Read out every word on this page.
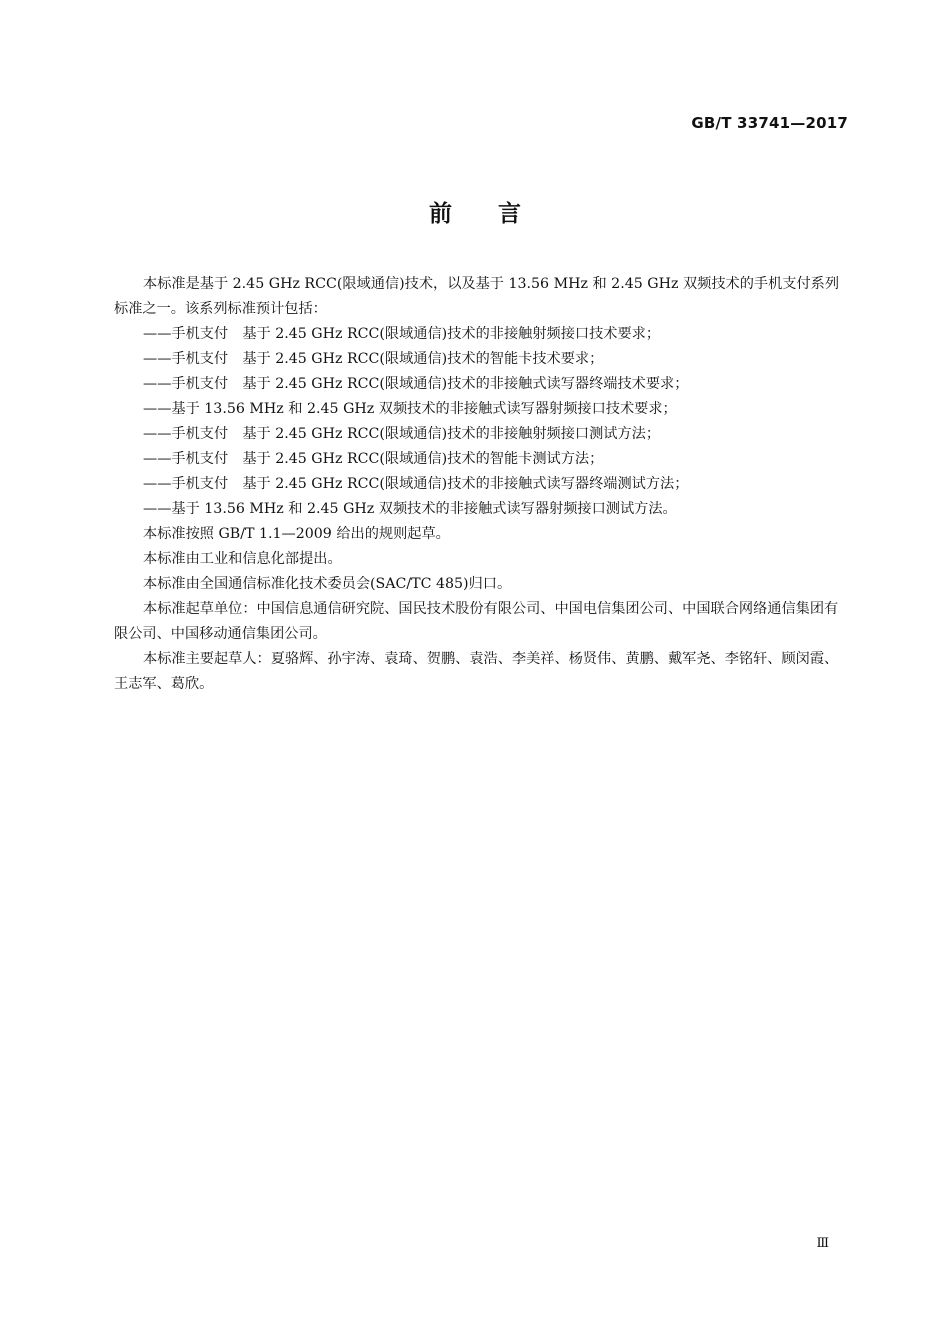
GB/T 33741—2017
前言

本标准是基于 2.45 GHz RCC(限域通信)技术，以及基于 13.56 MHz 和 2.45 GHz 双频技术的手机支付系列标准之一。该系列标准预计包括：

——手机支付　基于 2.45 GHz RCC(限域通信)技术的非接触射频接口技术要求；

——手机支付　基于 2.45 GHz RCC(限域通信)技术的智能卡技术要求；

——手机支付　基于 2.45 GHz RCC(限域通信)技术的非接触式读写器终端技术要求；

——基于 13.56 MHz 和 2.45 GHz 双频技术的非接触式读写器射频接口技术要求；

——手机支付　基于 2.45 GHz RCC(限域通信)技术的非接触射频接口测试方法；

——手机支付　基于 2.45 GHz RCC(限域通信)技术的智能卡测试方法；

——手机支付　基于 2.45 GHz RCC(限域通信)技术的非接触式读写器终端测试方法；

——基于 13.56 MHz 和 2.45 GHz 双频技术的非接触式读写器射频接口测试方法。

本标准按照 GB/T 1.1—2009 给出的规则起草。

本标准由工业和信息化部提出。

本标准由全国通信标准化技术委员会(SAC/TC 485)归口。

本标准起草单位：中国信息通信研究院、国民技术股份有限公司、中国电信集团公司、中国联合网络通信集团有限公司、中国移动通信集团公司。

本标准主要起草人：夏骆辉、孙宇涛、袁琦、贺鹏、袁浩、李美祥、杨贤伟、黄鹏、戴军尧、李铭轩、顾闵霞、王志军、葛欣。

Ⅲ
